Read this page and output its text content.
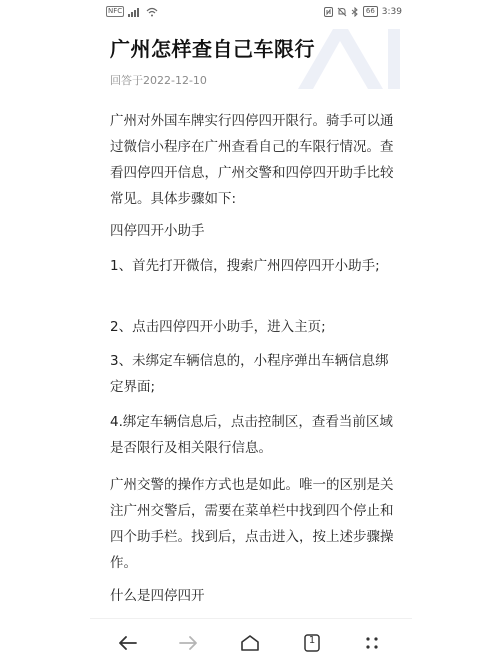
NFC	66 3:39
广州怎样查自己车限行
回答于2022-12-10
广州对外国车牌实行四停四开限行。骑手可以通过微信小程序在广州查看自己的车限行情况。查看四停四开信息，广州交警和四停四开助手比较常见。具体步骤如下:
四停四开小助手
1、首先打开微信，搜索广州四停四开小助手;
2、点击四停四开小助手，进入主页;
3、未绑定车辆信息的，小程序弹出车辆信息绑定界面;
4.绑定车辆信息后，点击控制区，查看当前区域是否限行及相关限行信息。
广州交警的操作方式也是如此。唯一的区别是关注广州交警后，需要在菜单栏中找到四个停止和四个助手栏。找到后，点击进入，按上述步骤操作。
什么是四停四开
1
